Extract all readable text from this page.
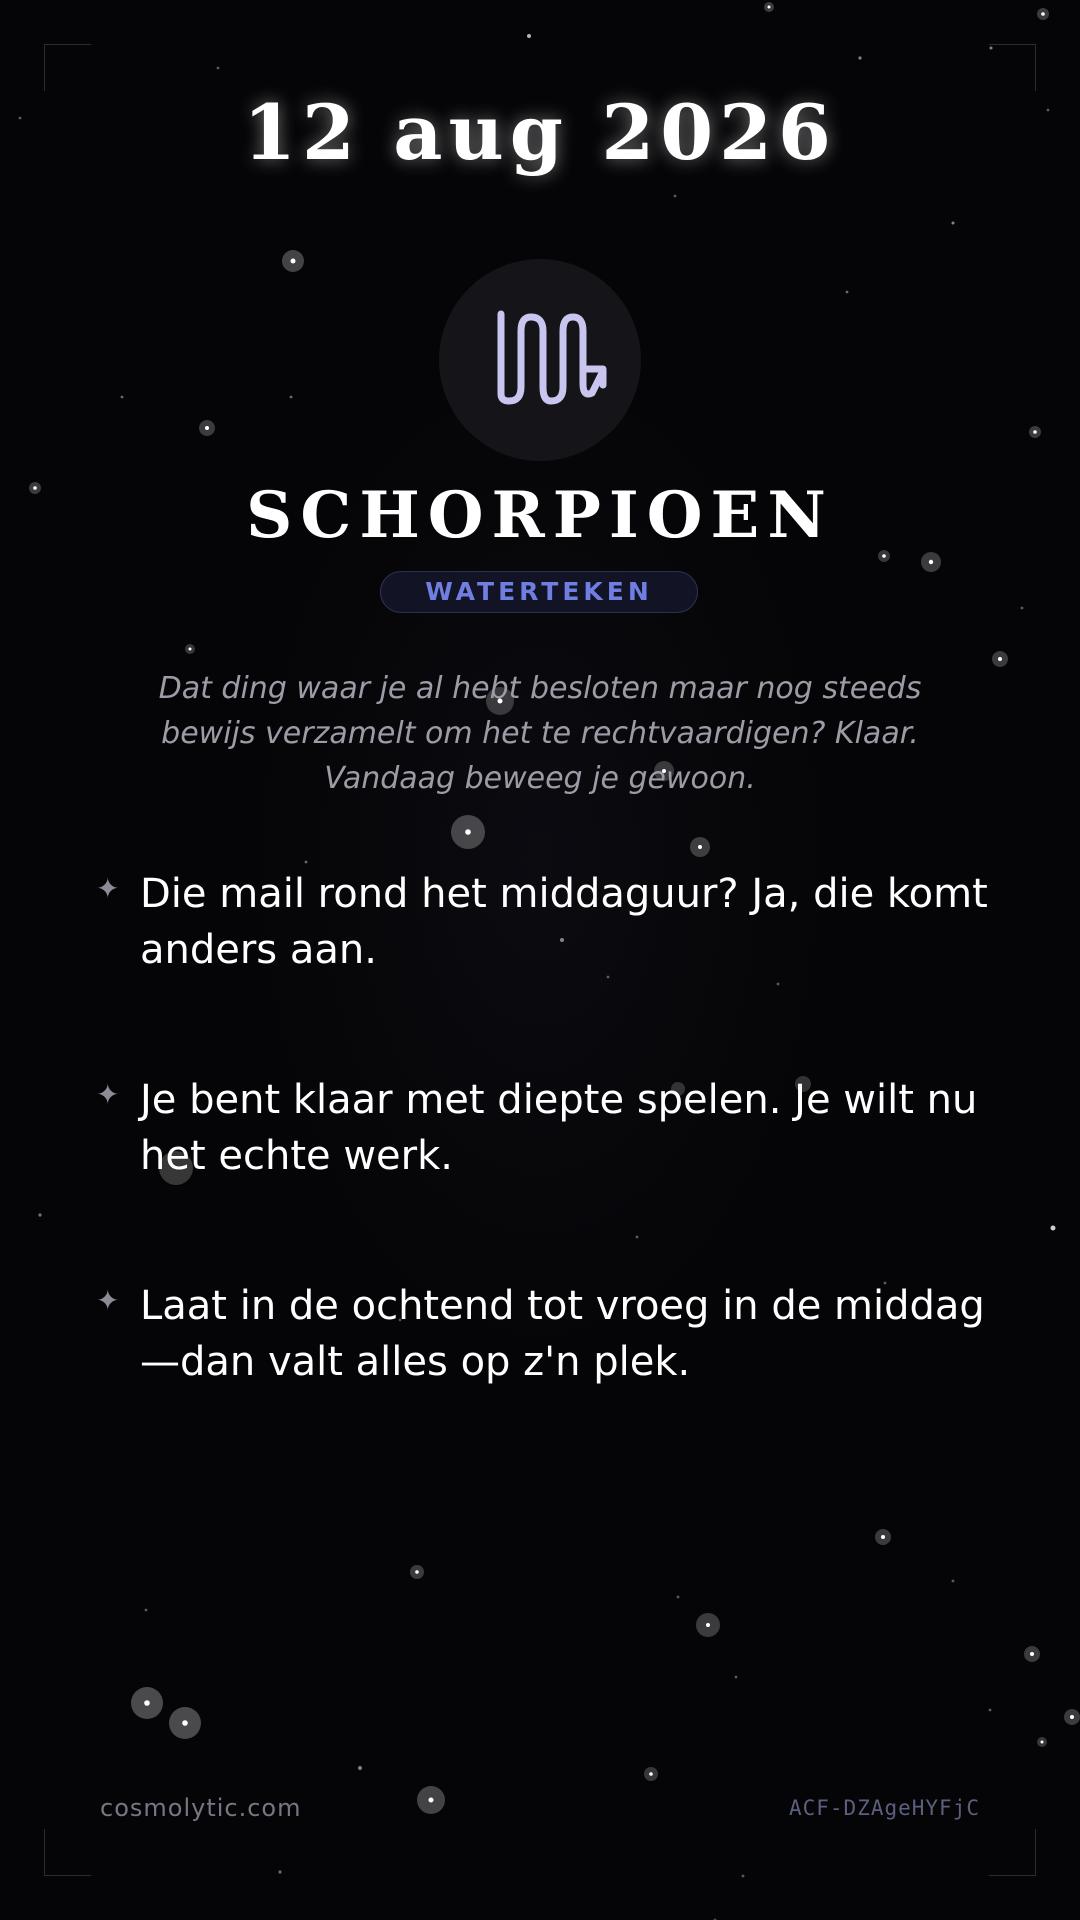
12 aug 2026
SCHORPIOEN
WATERTEKEN
Dat ding waar je al hebt besloten maar nog steeds bewijs verzamelt om het te rechtvaardigen? Klaar. Vandaag beweeg je gewoon.
✦ Die mail rond het middaguur? Ja, die komt anders aan.
✦ Je bent klaar met diepte spelen. Je wilt nu het echte werk.
✦ Laat in de ochtend tot vroeg in de middag—dan valt alles op z'n plek.
cosmolytic.com	ACF-DZAgeHYFjC
